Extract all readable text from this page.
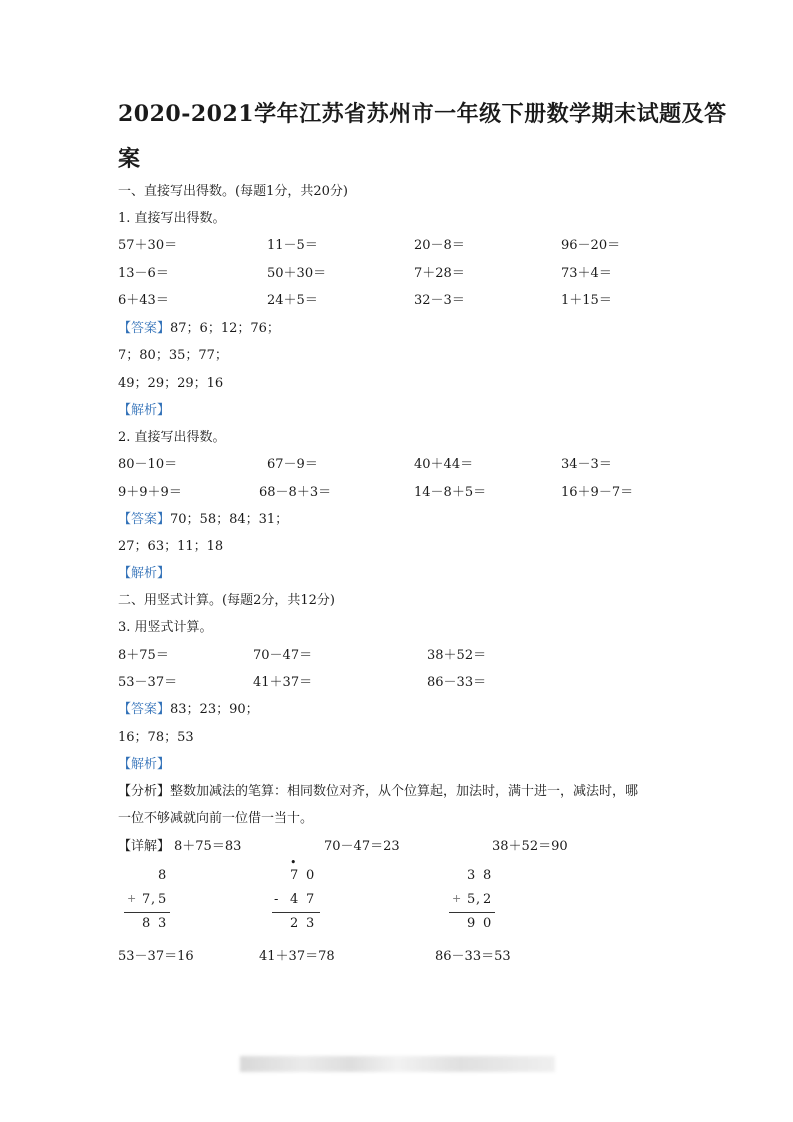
2020-2021学年江苏省苏州市一年级下册数学期末试题及答
案
一、直接写出得数。(每题1分，共20分)
1. 直接写出得数。
57＋30＝	11－5＝	20－8＝	96－20＝
13－6＝	50＋30＝	7＋28＝	73＋4＝
6＋43＝	24＋5＝	32－3＝	1＋15＝
【答案】87；6；12；76；
7；80；35；77；
49；29；29；16
【解析】
2. 直接写出得数。
80－10＝	67－9＝	40＋44＝	34－3＝
9＋9＋9＝	68－8＋3＝	14－8＋5＝	16＋9－7＝
【答案】70；58；84；31；
27；63；11；18
【解析】
二、用竖式计算。(每题2分，共12分)
3. 用竖式计算。
8＋75＝	70－47＝	38＋52＝
53－37＝	41＋37＝	86－33＝
【答案】83；23；90；
16；78；53
【解析】
【分析】整数加减法的笔算：相同数位对齐，从个位算起，加法时，满十进一，减法时，哪
一位不够减就向前一位借一当十。
【详解】 8＋75＝83	70－47＝23	38＋52＝90
8
+ 7 , 5
8 3
•
7 0
- 4 7
2 3
3 8
+ 5 , 2
9 0
53－37＝16	41＋37＝78	86－33＝53
